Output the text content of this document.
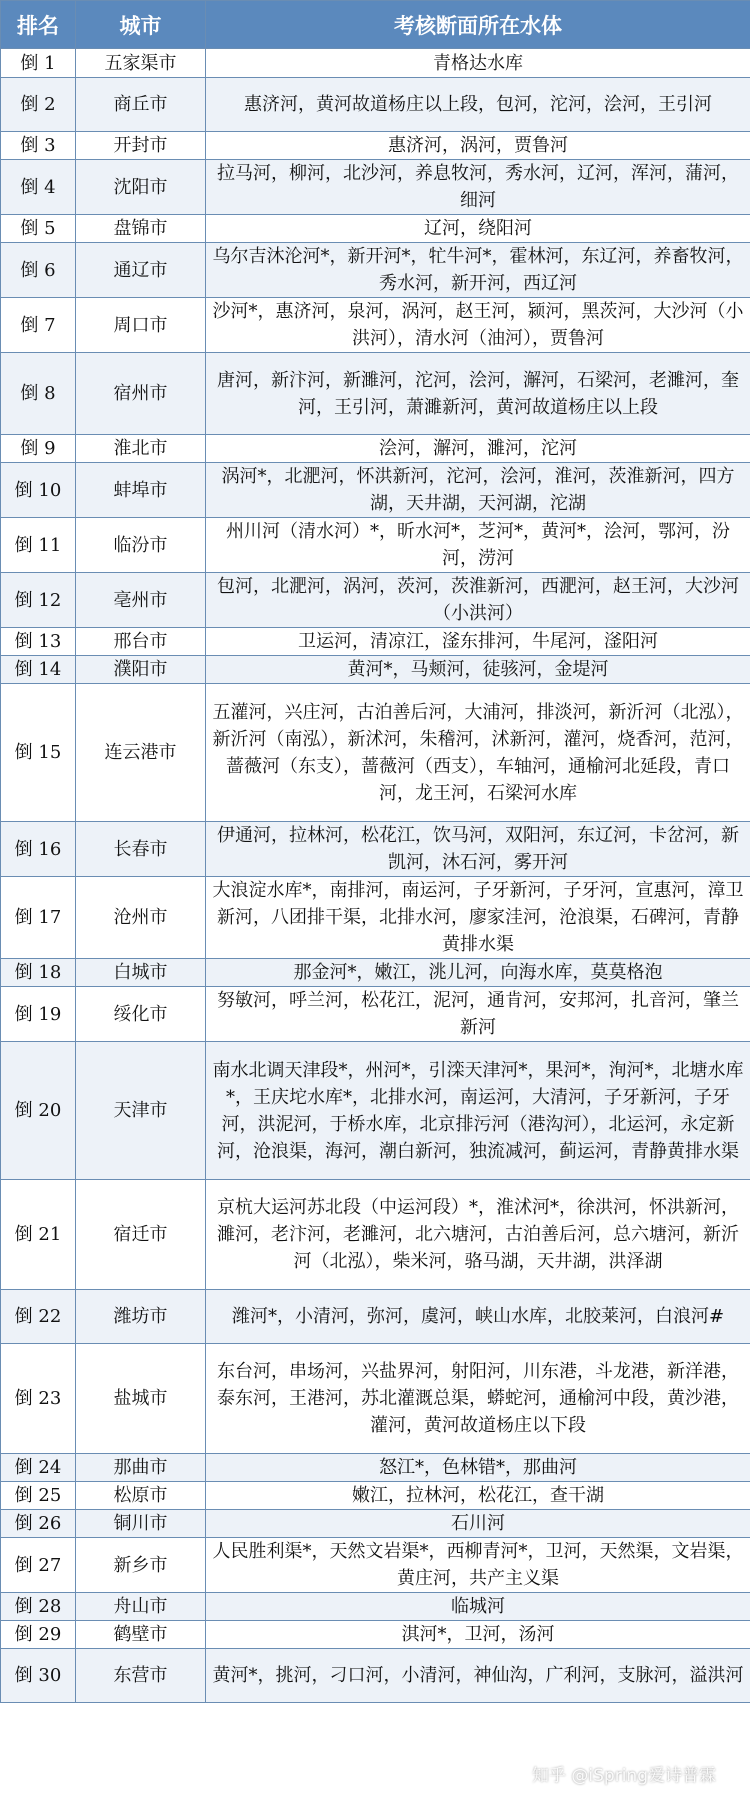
排名	城市	考核断面所在水体
倒 1	五家渠市	青格达水库
倒 2	商丘市	惠济河，黄河故道杨庄以上段，包河，沱河，浍河，王引河
倒 3	开封市	惠济河，涡河，贾鲁河
倒 4	沈阳市	拉马河，柳河，北沙河，养息牧河，秀水河，辽河，浑河，蒲河，细河
倒 5	盘锦市	辽河，绕阳河
倒 6	通辽市	乌尔吉沐沦河*，新开河*，牤牛河*，霍林河，东辽河，养畜牧河，秀水河，新开河，西辽河
倒 7	周口市	沙河*，惠济河，泉河，涡河，赵王河，颍河，黑茨河，大沙河（小洪河），清水河（油河），贾鲁河
倒 8	宿州市	唐河，新汴河，新濉河，沱河，浍河，澥河，石梁河，老濉河，奎河，王引河，萧濉新河，黄河故道杨庄以上段
倒 9	淮北市	浍河，澥河，濉河，沱河
倒 10	蚌埠市	涡河*，北淝河，怀洪新河，沱河，浍河，淮河，茨淮新河，四方湖，天井湖，天河湖，沱湖
倒 11	临汾市	州川河（清水河）*，昕水河*，芝河*，黄河*，浍河，鄂河，汾河，涝河
倒 12	亳州市	包河，北淝河，涡河，茨河，茨淮新河，西淝河，赵王河，大沙河（小洪河）
倒 13	邢台市	卫运河，清凉江，滏东排河，牛尾河，滏阳河
倒 14	濮阳市	黄河*，马颊河，徒骇河，金堤河
倒 15	连云港市	五灌河，兴庄河，古泊善后河，大浦河，排淡河，新沂河（北泓），新沂河（南泓），新沭河，朱稽河，沭新河，灌河，烧香河，范河，蔷薇河（东支），蔷薇河（西支），车轴河，通榆河北延段，青口河，龙王河，石梁河水库
倒 16	长春市	伊通河，拉林河，松花江，饮马河，双阳河，东辽河，卡岔河，新凯河，沐石河，雾开河
倒 17	沧州市	大浪淀水库*，南排河，南运河，子牙新河，子牙河，宣惠河，漳卫新河，八团排干渠，北排水河，廖家洼河，沧浪渠，石碑河，青静黄排水渠
倒 18	白城市	那金河*，嫩江，洮儿河，向海水库，莫莫格泡
倒 19	绥化市	努敏河，呼兰河，松花江，泥河，通肯河，安邦河，扎音河，肇兰新河
倒 20	天津市	南水北调天津段*，州河*，引滦天津河*，果河*，洵河*，北塘水库*，王庆坨水库*，北排水河，南运河，大清河，子牙新河，子牙河，洪泥河，于桥水库，北京排污河（港沟河），北运河，永定新河，沧浪渠，海河，潮白新河，独流减河，蓟运河，青静黄排水渠
倒 21	宿迁市	京杭大运河苏北段（中运河段）*，淮沭河*，徐洪河，怀洪新河，濉河，老汴河，老濉河，北六塘河，古泊善后河，总六塘河，新沂河（北泓），柴米河，骆马湖，天井湖，洪泽湖
倒 22	潍坊市	潍河*，小清河，弥河，虞河，峡山水库，北胶莱河，白浪河#
倒 23	盐城市	东台河，串场河，兴盐界河，射阳河，川东港，斗龙港，新洋港，泰东河，王港河，苏北灌溉总渠，蟒蛇河，通榆河中段，黄沙港，灌河，黄河故道杨庄以下段
倒 24	那曲市	怒江*，色林错*，那曲河
倒 25	松原市	嫩江，拉林河，松花江，查干湖
倒 26	铜川市	石川河
倒 27	新乡市	人民胜利渠*，天然文岩渠*，西柳青河*，卫河，天然渠，文岩渠，黄庄河，共产主义渠
倒 28	舟山市	临城河
倒 29	鹤壁市	淇河*，卫河，汤河
倒 30	东营市	黄河*，挑河，刁口河，小清河，神仙沟，广利河，支脉河，溢洪河
知乎 @iSpring爱诗普霖
